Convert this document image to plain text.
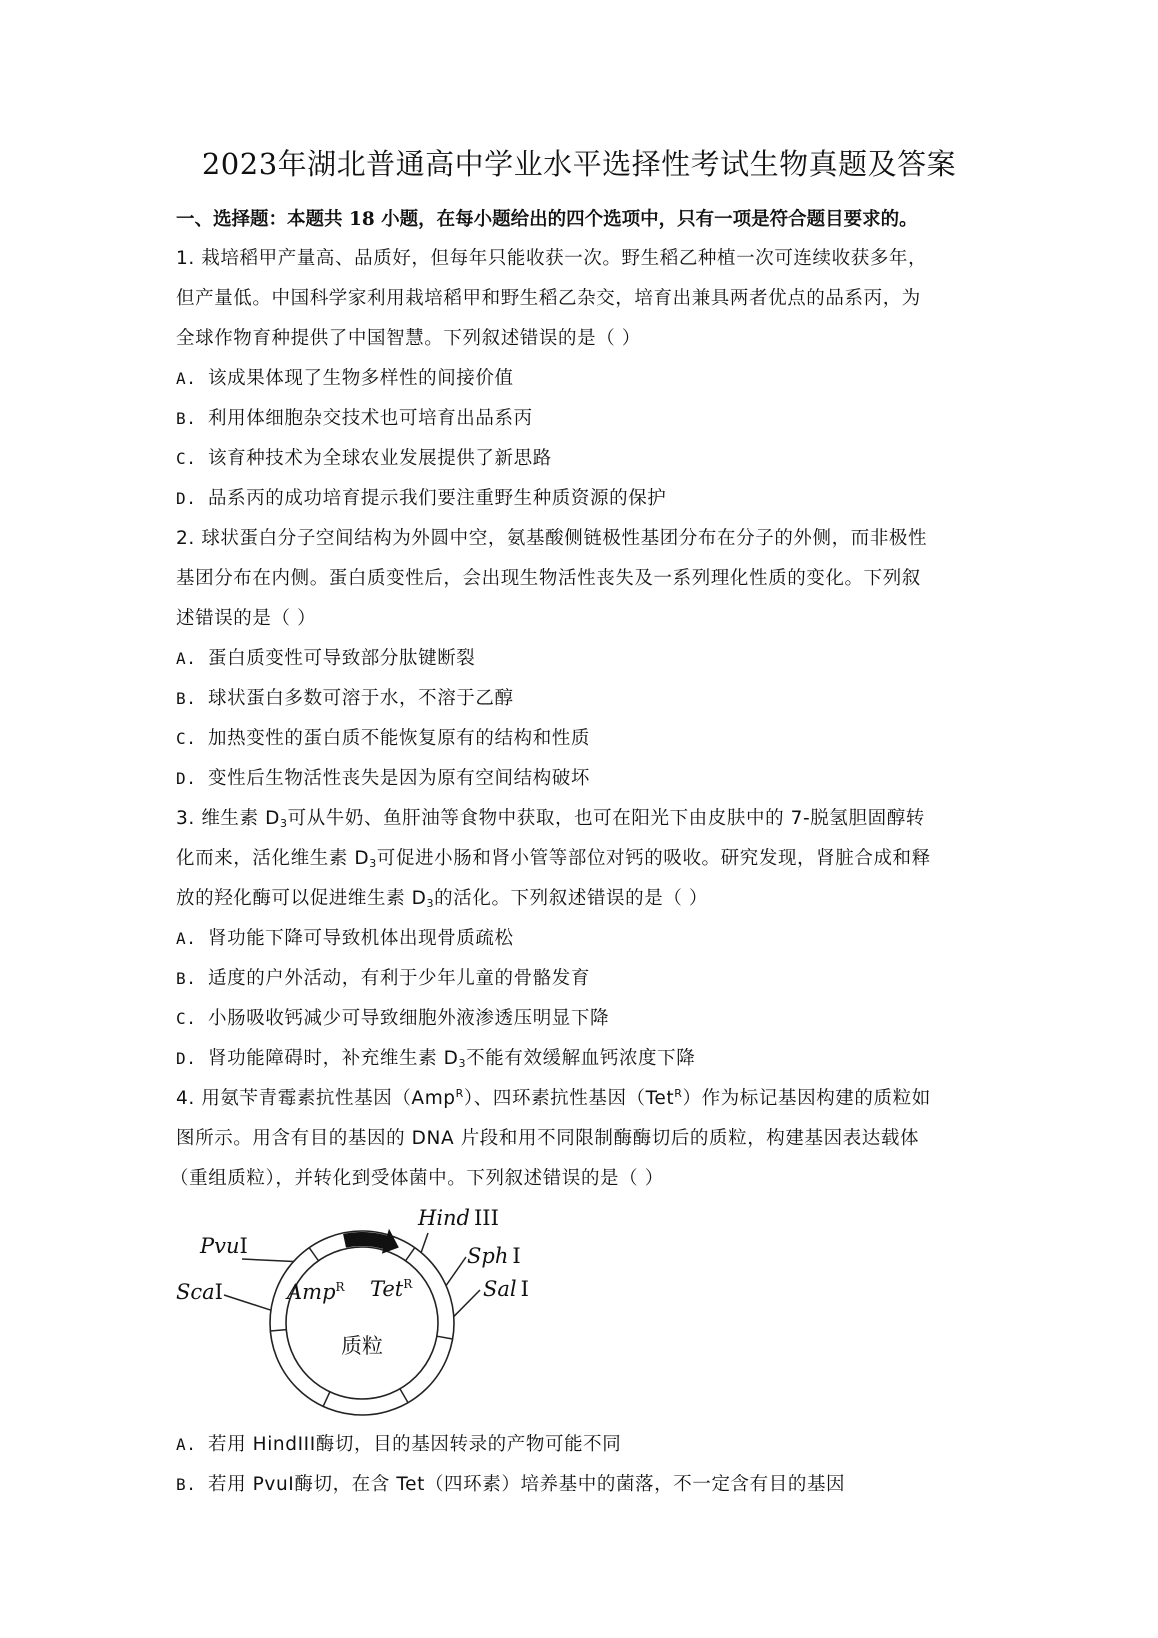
2023年湖北普通高中学业水平选择性考试生物真题及答案
一、选择题：本题共 18 小题，在每小题给出的四个选项中，只有一项是符合题目要求的。
1. 栽培稻甲产量高、品质好，但每年只能收获一次。野生稻乙种植一次可连续收获多年，
但产量低。中国科学家利用栽培稻甲和野生稻乙杂交，培育出兼具两者优点的品系丙，为
全球作物育种提供了中国智慧。下列叙述错误的是（ ）
A. 该成果体现了生物多样性的间接价值
B. 利用体细胞杂交技术也可培育出品系丙
C. 该育种技术为全球农业发展提供了新思路
D. 品系丙的成功培育提示我们要注重野生种质资源的保护
2. 球状蛋白分子空间结构为外圆中空，氨基酸侧链极性基团分布在分子的外侧，而非极性
基团分布在内侧。蛋白质变性后，会出现生物活性丧失及一系列理化性质的变化。下列叙
述错误的是（ ）
A. 蛋白质变性可导致部分肽键断裂
B. 球状蛋白多数可溶于水，不溶于乙醇
C. 加热变性的蛋白质不能恢复原有的结构和性质
D. 变性后生物活性丧失是因为原有空间结构破坏
3. 维生素 $D_3$可从牛奶、鱼肝油等食物中获取，也可在阳光下由皮肤中的 7-脱氢胆固醇转
化而来，活化维生素 $D_3$可促进小肠和肾小管等部位对钙的吸收。研究发现，肾脏合成和释
放的羟化酶可以促进维生素 $D_3$的活化。下列叙述错误的是（ ）
A. 肾功能下降可导致机体出现骨质疏松
B. 适度的户外活动，有利于少年儿童的骨骼发育
C. 小肠吸收钙减少可导致细胞外液渗透压明显下降
D. 肾功能障碍时，补充维生素 $D_3$不能有效缓解血钙浓度下降
4. 用氨苄青霉素抗性基因（Amp$^R$）、四环素抗性基因（Tet$^R$）作为标记基因构建的质粒如
图所示。用含有目的基因的 DNA 片段和用不同限制酶酶切后的质粒，构建基因表达载体
（重组质粒），并转化到受体菌中。下列叙述错误的是（ ）
PvuI
ScaI
Hind III
Sph I
Sal I
Amp$^R$ Tet$^R$
质粒
A. 若用 HindIII酶切，目的基因转录的产物可能不同
B. 若用 PvuⅠ酶切，在含 Tet（四环素）培养基中的菌落，不一定含有目的基因
